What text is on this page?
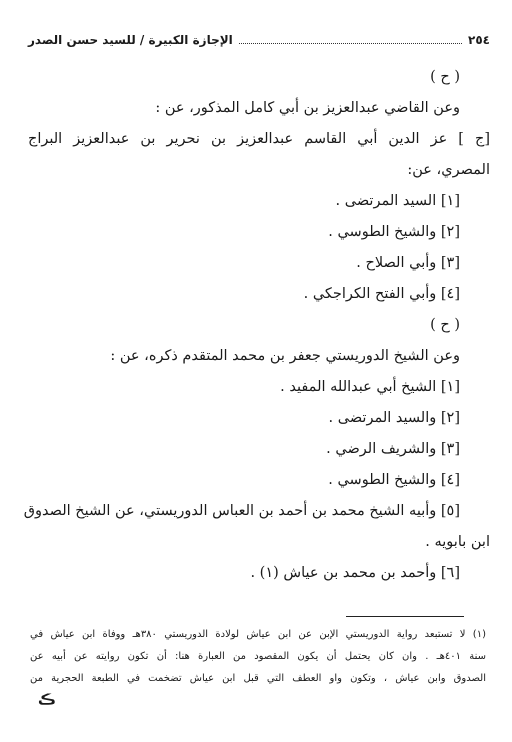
٢٥٤
الإجازة الكبيرة / للسيد حسن الصدر
( ح )
وعن القاضي عبدالعزيز بن أبي كامل المذكور، عن :
[ج ] عز الدين أبي القاسم عبدالعزيز بن نحرير بن عبدالعزيز البراج
المصري، عن:
[١] السيد المرتضى .
[٢] والشيخ الطوسي .
[٣] وأبي الصلاح .
[٤] وأبي الفتح الكراجكي .
( ح )
وعن الشيخ الدوريستي جعفر بن محمد المتقدم ذكره، عن :
[١] الشيخ أبي عبدالله المفيد .
[٢] والسيد المرتضى .
[٣] والشريف الرضي .
[٤] والشيخ الطوسي .
[٥] وأبيه الشيخ محمد بن أحمد بن العباس الدوريستي، عن الشيخ الصدوق
ابن بابويه .
[٦] وأحمد بن محمد بن عياش (١) .
(١) لا تستبعد رواية الدوريستي الإبن عن ابن عياش لولادة الدوريستي ٣٨٠هـ ووفاة ابن عياش في
سنة ٤٠١هـ . وان كان يحتمل أن يكون المقصود من العبارة هنا: أن تكون روايته عن أبيه عن
الصدوق وابن عياش ، وتكون واو العطف التي قبل ابن عياش تضخمت في الطبعة الحجرية من
ڪ
